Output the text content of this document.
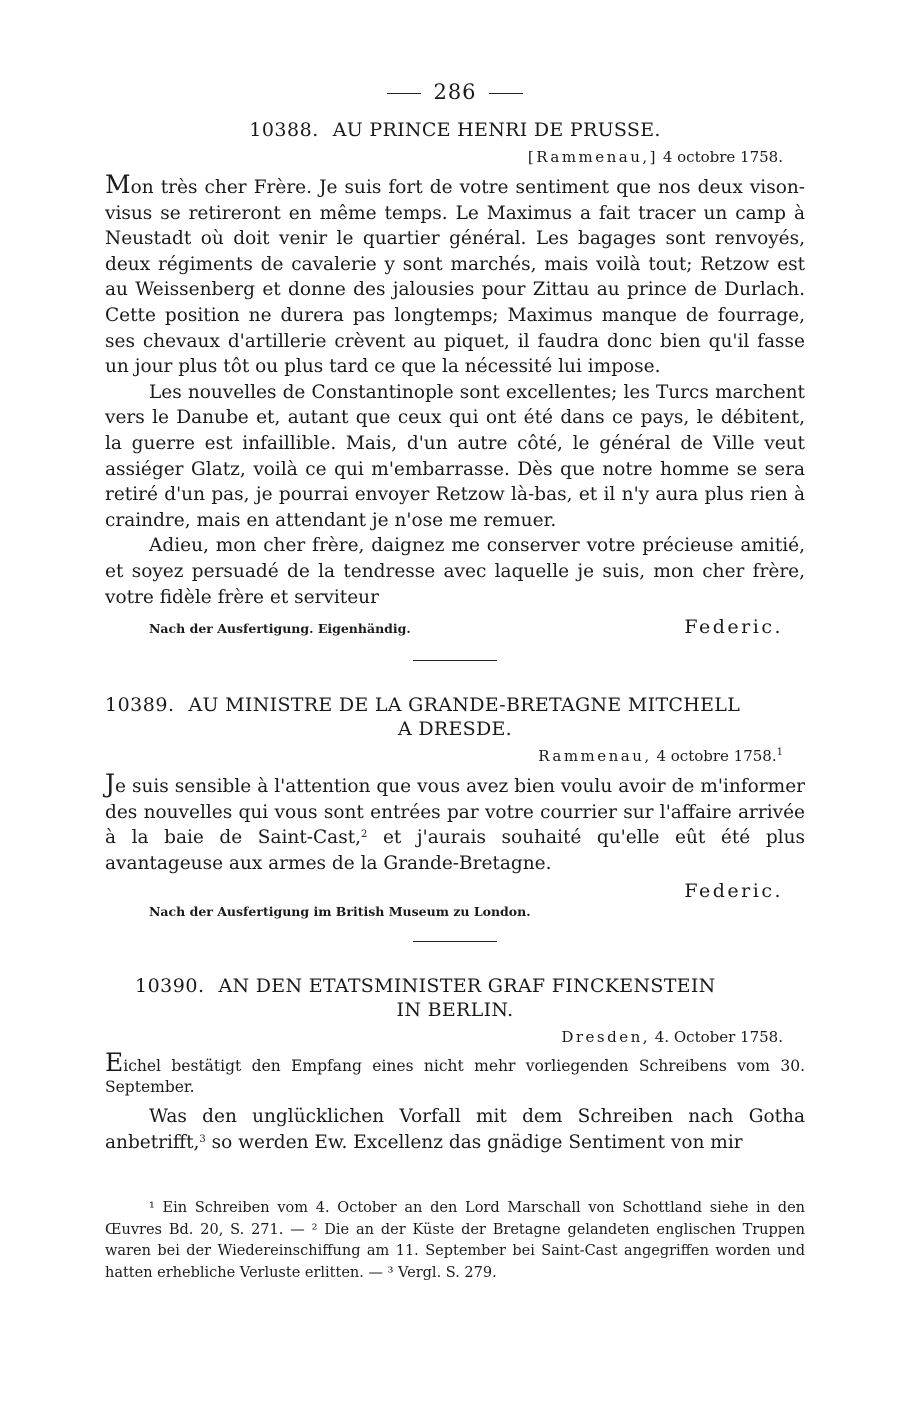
286
10388. AU PRINCE HENRI DE PRUSSE.
[Rammenau,] 4 octobre 1758.

Mon très cher Frère. Je suis fort de votre sentiment que nos deux vison-visus se retireront en même temps. Le Maximus a fait tracer un camp à Neustadt où doit venir le quartier général. Les bagages sont renvoyés, deux régiments de cavalerie y sont marchés, mais voilà tout; Retzow est au Weissenberg et donne des jalousies pour Zittau au prince de Durlach. Cette position ne durera pas longtemps; Maximus manque de fourrage, ses chevaux d'artillerie crèvent au piquet, il faudra donc bien qu'il fasse un jour plus tôt ou plus tard ce que la nécessité lui impose.

Les nouvelles de Constantinople sont excellentes; les Turcs marchent vers le Danube et, autant que ceux qui ont été dans ce pays, le débitent, la guerre est infaillible. Mais, d'un autre côté, le général de Ville veut assiéger Glatz, voilà ce qui m'embarrasse. Dès que notre homme se sera retiré d'un pas, je pourrai envoyer Retzow là-bas, et il n'y aura plus rien à craindre, mais en attendant je n'ose me remuer.

Adieu, mon cher frère, daignez me conserver votre précieuse amitié, et soyez persuadé de la tendresse avec laquelle je suis, mon cher frère, votre fidèle frère et serviteur

Nach der Ausfertigung. Eigenhändig.	Federic.
10389. AU MINISTRE DE LA GRANDE-BRETAGNE MITCHELL
A DRESDE.
Rammenau, 4 octobre 1758.$^1$

Je suis sensible à l'attention que vous avez bien voulu avoir de m'informer des nouvelles qui vous sont entrées par votre courrier sur l'affaire arrivée à la baie de Saint-Cast,$^2$ et j'aurais souhaité qu'elle eût été plus avantageuse aux armes de la Grande-Bretagne.

Federic.
Nach der Ausfertigung im British Museum zu London.
10390. AN DEN ETATSMINISTER GRAF FINCKENSTEIN
IN BERLIN.
Dresden, 4. October 1758.

Eichel bestätigt den Empfang eines nicht mehr vorliegenden Schreibens vom 30. September.

Was den unglücklichen Vorfall mit dem Schreiben nach Gotha anbetrifft,$^3$ so werden Ew. Excellenz das gnädige Sentiment von mir

¹ Ein Schreiben vom 4. October an den Lord Marschall von Schottland siehe in den Œuvres Bd. 20, S. 271. — ² Die an der Küste der Bretagne gelandeten englischen Truppen waren bei der Wiedereinschiffung am 11. September bei Saint-Cast angegriffen worden und hatten erhebliche Verluste erlitten. — ³ Vergl. S. 279.
